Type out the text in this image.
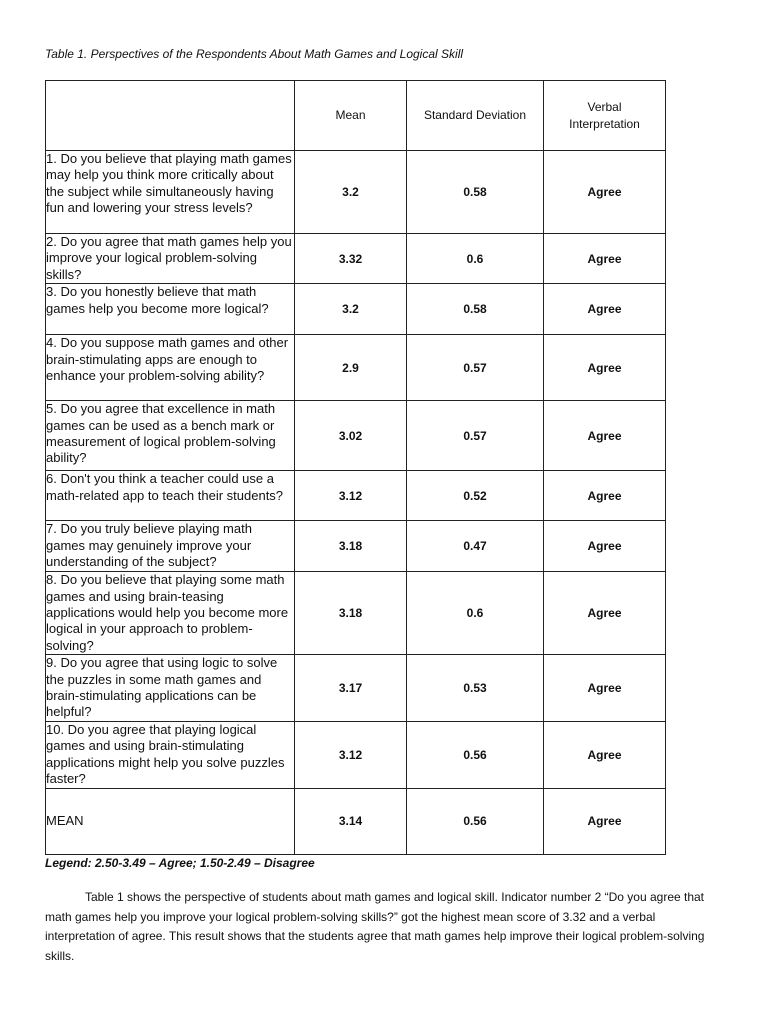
Table 1. Perspectives of the Respondents About Math Games and Logical Skill
	Mean	Standard Deviation	Verbal Interpretation
1. Do you believe that playing math games may help you think more critically about the subject while simultaneously having fun and lowering your stress levels?	3.2	0.58	Agree
2. Do you agree that math games help you improve your logical problem-solving skills?	3.32	0.6	Agree
3. Do you honestly believe that math games help you become more logical?	3.2	0.58	Agree
4. Do you suppose math games and other brain-stimulating apps are enough to enhance your problem-solving ability?	2.9	0.57	Agree
5. Do you agree that excellence in math games can be used as a bench mark or measurement of logical problem-solving ability?	3.02	0.57	Agree
6. Don't you think a teacher could use a math-related app to teach their students?	3.12	0.52	Agree
7. Do you truly believe playing math games may genuinely improve your understanding of the subject?	3.18	0.47	Agree
8. Do you believe that playing some math games and using brain-teasing applications would help you become more logical in your approach to problem-solving?	3.18	0.6	Agree
9. Do you agree that using logic to solve the puzzles in some math games and brain-stimulating applications can be helpful?	3.17	0.53	Agree
10. Do you agree that playing logical games and using brain-stimulating applications might help you solve puzzles faster?	3.12	0.56	Agree
MEAN	3.14	0.56	Agree
Legend: 2.50-3.49 – Agree; 1.50-2.49 – Disagree

Table 1 shows the perspective of students about math games and logical skill. Indicator number 2 “Do you agree that math games help you improve your logical problem-solving skills?” got the highest mean score of 3.32 and a verbal interpretation of agree. This result shows that the students agree that math games help improve their logical problem-solving skills.
